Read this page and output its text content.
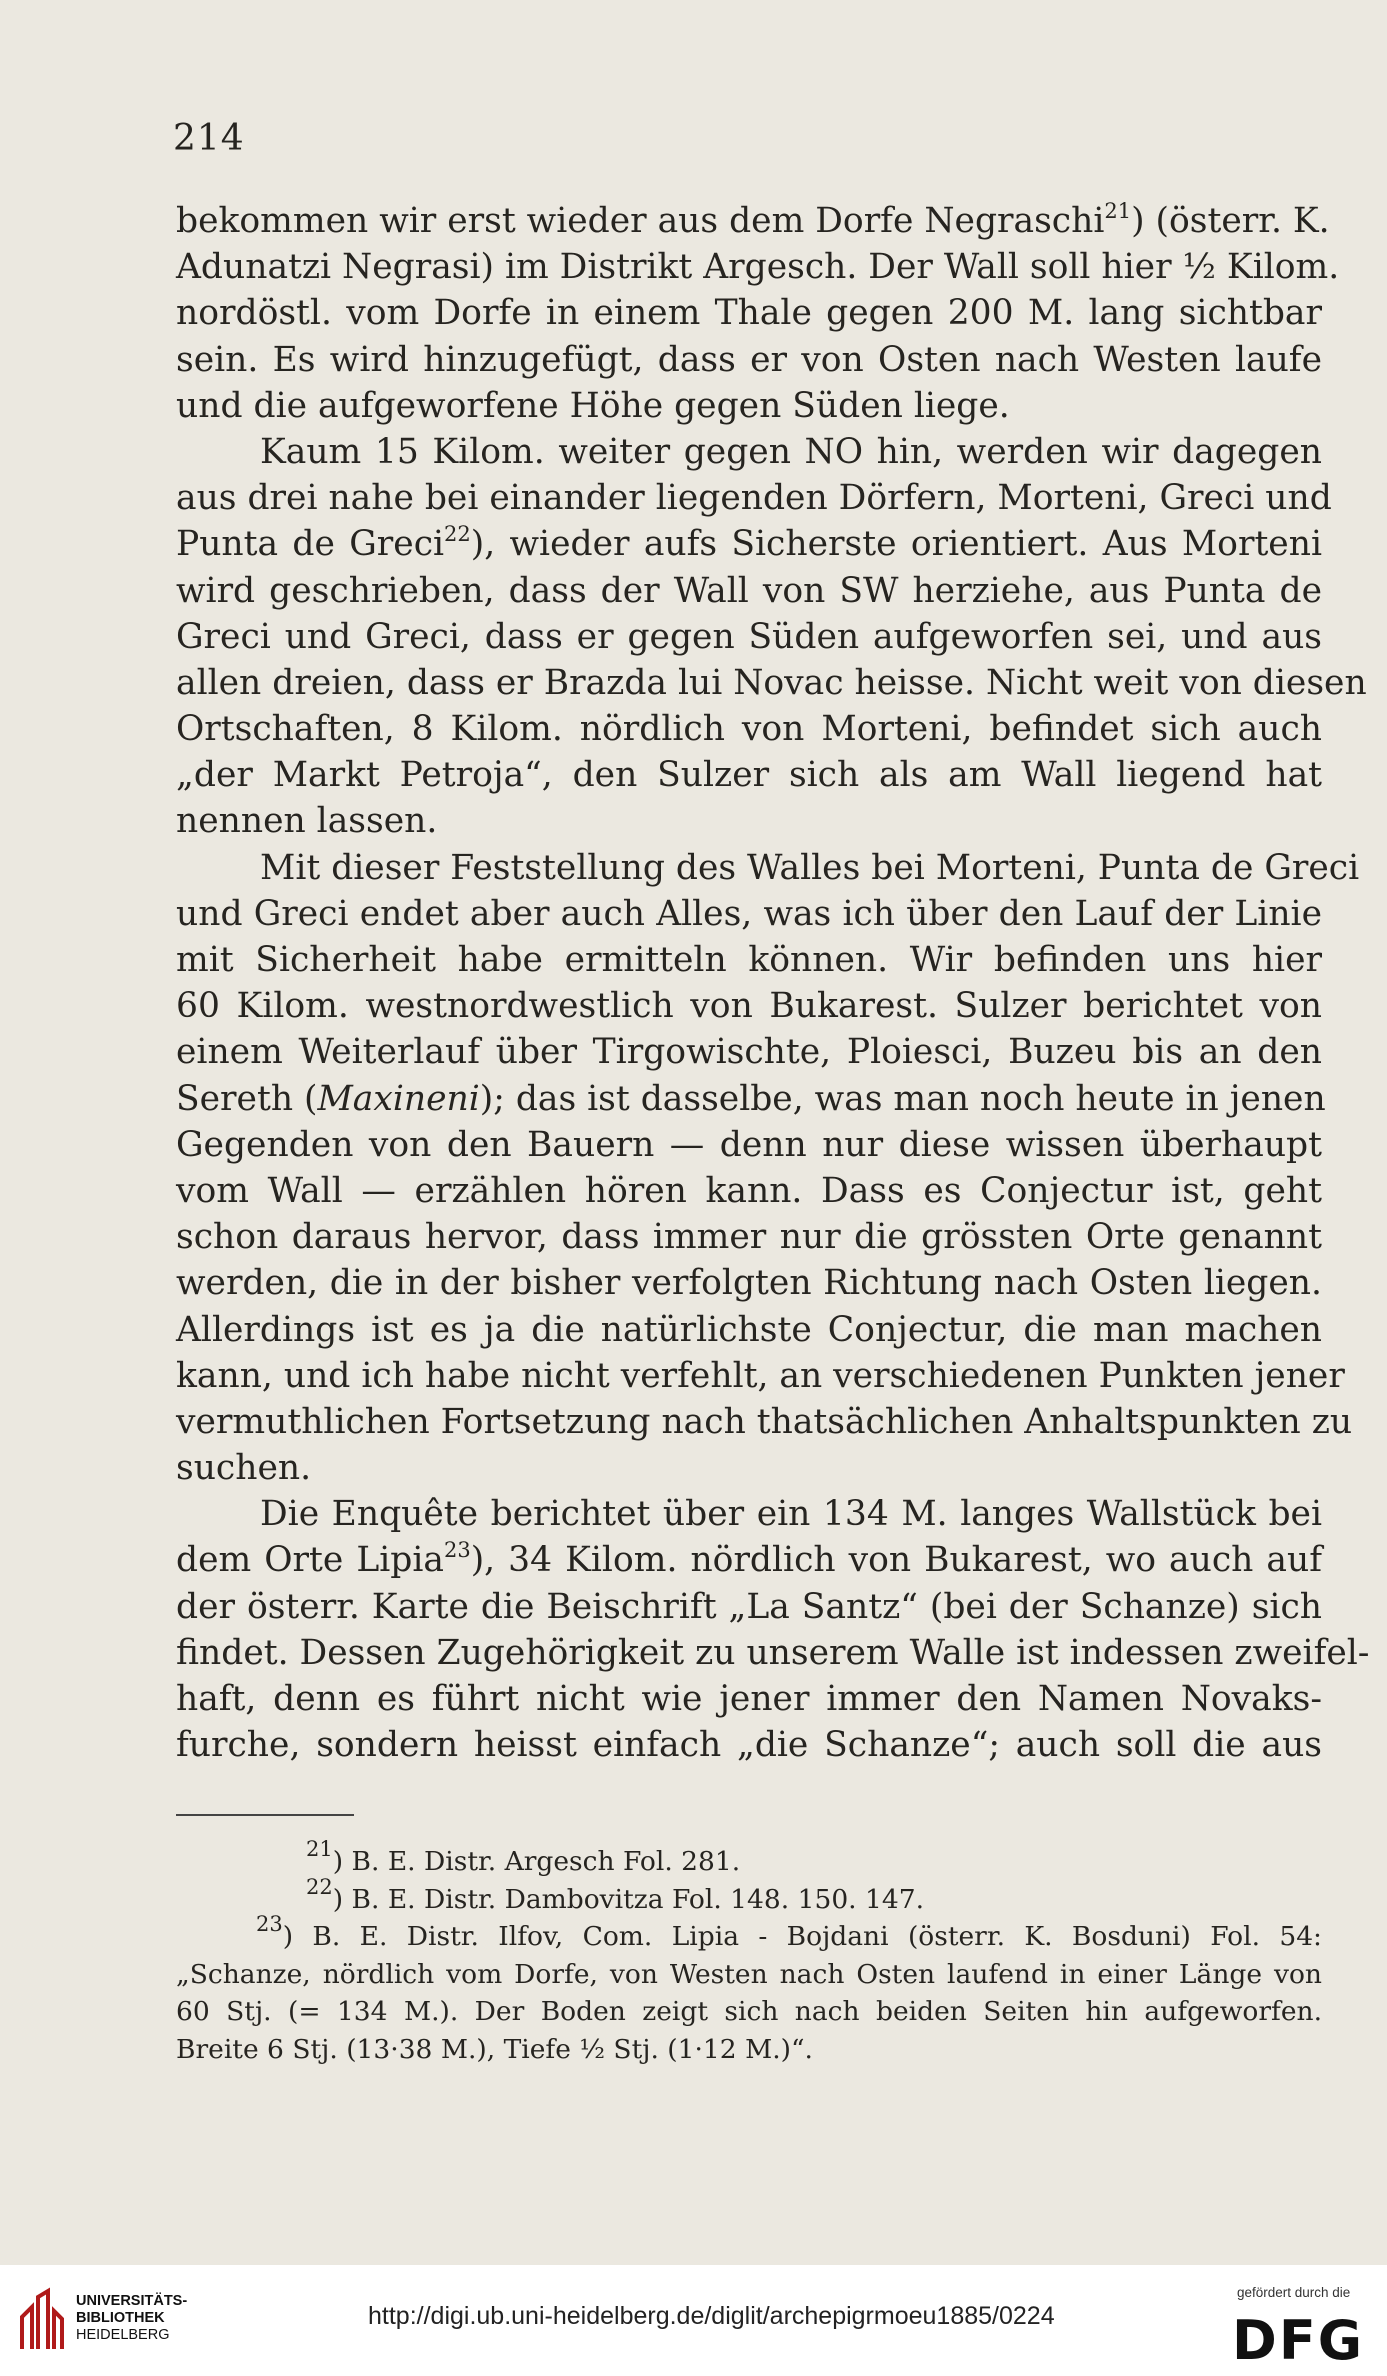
214
bekommen wir erst wieder aus dem Dorfe Negraschi$^{21}$) (österr. K.
Adunatzi Negrasi) im Distrikt Argesch. Der Wall soll hier ½ Kilom.
nordöstl. vom Dorfe in einem Thale gegen 200 M. lang sichtbar
sein. Es wird hinzugefügt, dass er von Osten nach Westen laufe
und die aufgeworfene Höhe gegen Süden liege.
Kaum 15 Kilom. weiter gegen NO hin, werden wir dagegen
aus drei nahe bei einander liegenden Dörfern, Morteni, Greci und
Punta de Greci$^{22}$), wieder aufs Sicherste orientiert. Aus Morteni
wird geschrieben, dass der Wall von SW herziehe, aus Punta de
Greci und Greci, dass er gegen Süden aufgeworfen sei, und aus
allen dreien, dass er Brazda lui Novac heisse. Nicht weit von diesen
Ortschaften, 8 Kilom. nördlich von Morteni, befindet sich auch
„der Markt Petroja“, den Sulzer sich als am Wall liegend hat
nennen lassen.
Mit dieser Feststellung des Walles bei Morteni, Punta de Greci
und Greci endet aber auch Alles, was ich über den Lauf der Linie
mit Sicherheit habe ermitteln können. Wir befinden uns hier
60 Kilom. westnordwestlich von Bukarest. Sulzer berichtet von
einem Weiterlauf über Tirgowischte, Ploiesci, Buzeu bis an den
Sereth (Maxineni); das ist dasselbe, was man noch heute in jenen
Gegenden von den Bauern — denn nur diese wissen überhaupt
vom Wall — erzählen hören kann. Dass es Conjectur ist, geht
schon daraus hervor, dass immer nur die grössten Orte genannt
werden, die in der bisher verfolgten Richtung nach Osten liegen.
Allerdings ist es ja die natürlichste Conjectur, die man machen
kann, und ich habe nicht verfehlt, an verschiedenen Punkten jener
vermuthlichen Fortsetzung nach thatsächlichen Anhaltspunkten zu
suchen.
Die Enquête berichtet über ein 134 M. langes Wallstück bei
dem Orte Lipia$^{23}$), 34 Kilom. nördlich von Bukarest, wo auch auf
der österr. Karte die Beischrift „La Santz“ (bei der Schanze) sich
findet. Dessen Zugehörigkeit zu unserem Walle ist indessen zweifel-
haft, denn es führt nicht wie jener immer den Namen Novaks-
furche, sondern heisst einfach „die Schanze“; auch soll die aus
$^{21}$) B. E. Distr. Argesch Fol. 281.
$^{22}$) B. E. Distr. Dambovitza Fol. 148. 150. 147.
$^{23}$) B. E. Distr. Ilfov, Com. Lipia - Bojdani (österr. K. Bosduni) Fol. 54:
„Schanze, nördlich vom Dorfe, von Westen nach Osten laufend in einer Länge von
60 Stj. (= 134 M.). Der Boden zeigt sich nach beiden Seiten hin aufgeworfen.
Breite 6 Stj. (13·38 M.), Tiefe ½ Stj. (1·12 M.)“.
UNIVERSITÄTS-
BIBLIOTHEK
HEIDELBERG
http://digi.ub.uni-heidelberg.de/diglit/archepigrmoeu1885/0224
gefördert durch die
DFG
